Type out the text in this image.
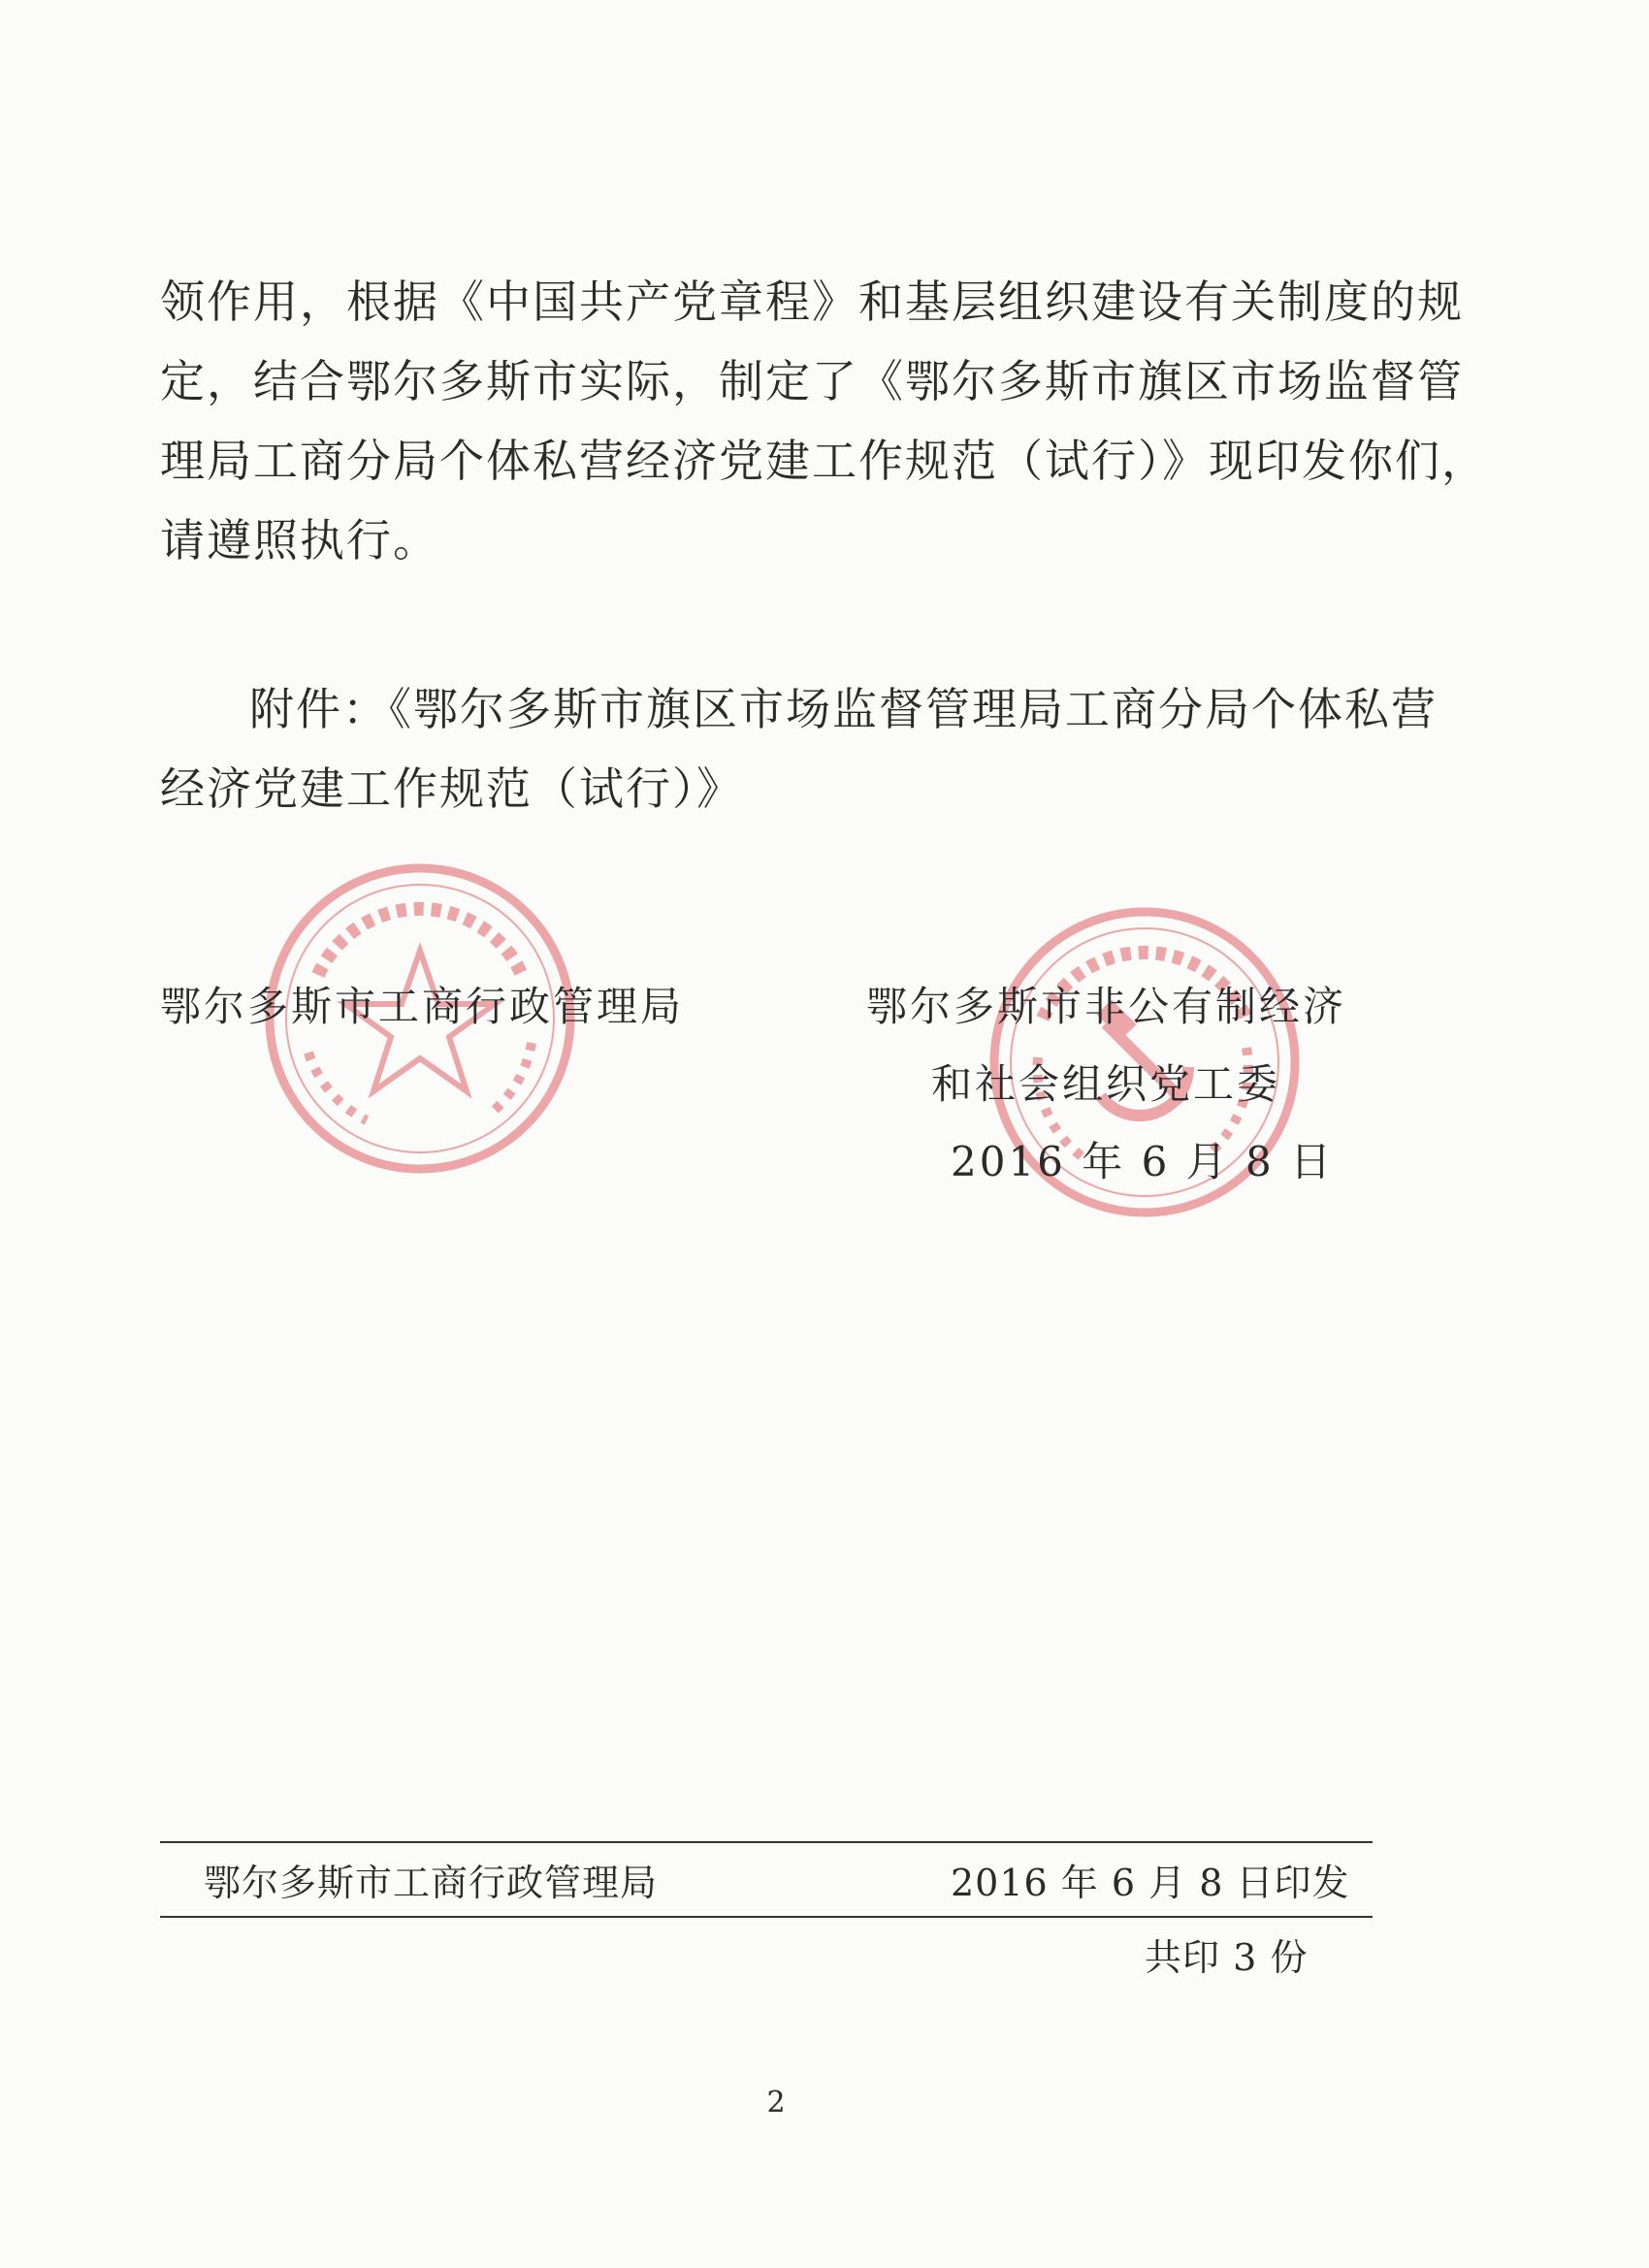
领作用，根据《中国共产党章程》和基层组织建设有关制度的规
定，结合鄂尔多斯市实际，制定了《鄂尔多斯市旗区市场监督管
理局工商分局个体私营经济党建工作规范（试行）》现印发你们，
请遵照执行。
附件：《鄂尔多斯市旗区市场监督管理局工商分局个体私营
经济党建工作规范（试行）》
鄂尔多斯市工商行政管理局	鄂尔多斯市非公有制经济
和社会组织党工委
2016 年 6 月 8 日
鄂尔多斯市工商行政管理局	2016 年 6 月 8 日印发
共印 3 份
2
